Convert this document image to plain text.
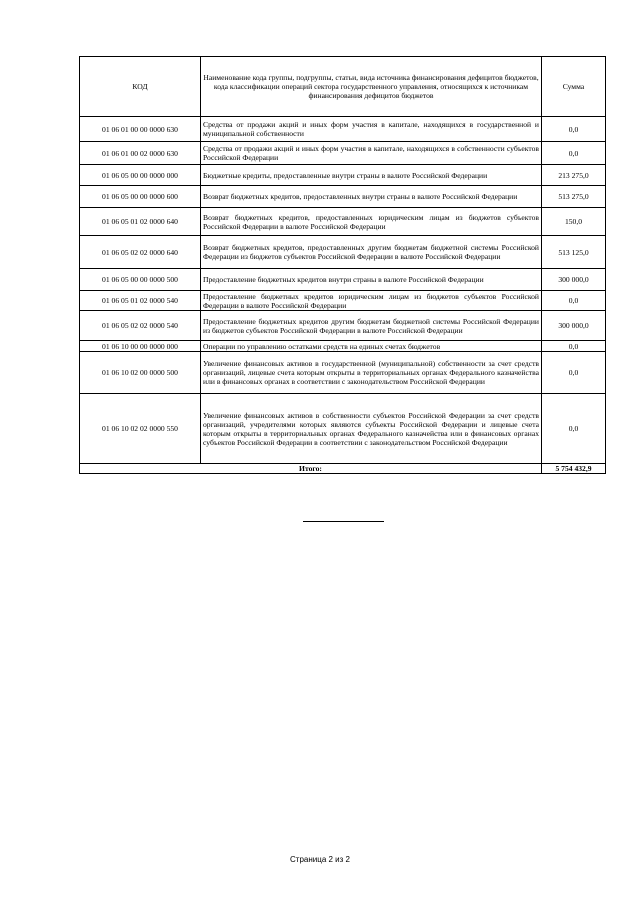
КОД	Наименование кода группы, подгруппы, статьи, вида источника финансирования дефицитов бюджетов, кода классификации операций сектора государственного управления, относящихся к источникам финансирования дефицитов бюджетов	Сумма
01 06 01 00 00 0000 630	Средства от продажи акций и иных форм участия в капитале, находящихся в государственной и муниципальной собственности	0,0
01 06 01 00 02 0000 630	Средства от продажи акций и иных форм участия в капитале, находящихся в собственности субъектов Российской Федерации	0,0
01 06 05 00 00 0000 000	Бюджетные кредиты, предоставленные внутри страны в валюте Российской Федерации	213 275,0
01 06 05 00 00 0000 600	Возврат бюджетных кредитов, предоставленных внутри страны в валюте Российской Федерации	513 275,0
01 06 05 01 02 0000 640	Возврат бюджетных кредитов, предоставленных юридическим лицам из бюджетов субъектов Российской Федерации в валюте Российской Федерации	150,0
01 06 05 02 02 0000 640	Возврат бюджетных кредитов, предоставленных другим бюджетам бюджетной системы Российской Федерации из бюджетов субъектов Российской Федерации в валюте Российской Федерации	513 125,0
01 06 05 00 00 0000 500	Предоставление бюджетных кредитов внутри страны в валюте Российской Федерации	300 000,0
01 06 05 01 02 0000 540	Предоставление бюджетных кредитов юридическим лицам из бюджетов субъектов Российской Федерации в валюте Российской Федерации	0,0
01 06 05 02 02 0000 540	Предоставление бюджетных кредитов другим бюджетам бюджетной системы Российской Федерации из бюджетов субъектов Российской Федерации в валюте Российской Федерации	300 000,0
01 06 10 00 00 0000 000	Операции по управлению остатками средств на единых счетах бюджетов	0,0
01 06 10 02 00 0000 500	Увеличение финансовых активов в государственной (муниципальной) собственности за счет средств организаций, лицевые счета которым открыты в территориальных органах Федерального казначейства или в финансовых органах в соответствии с законодательством Российской Федерации	0,0
01 06 10 02 02 0000 550	Увеличение финансовых активов в собственности субъектов Российской Федерации за счет средств организаций, учредителями которых являются субъекты Российской Федерации и лицевые счета которым открыты в территориальных органах Федерального казначейства или в финансовых органах субъектов Российской Федерации в соответствии с законодательством Российской Федерации	0,0
Итого:		5 754 432,9
Страница 2 из 2
